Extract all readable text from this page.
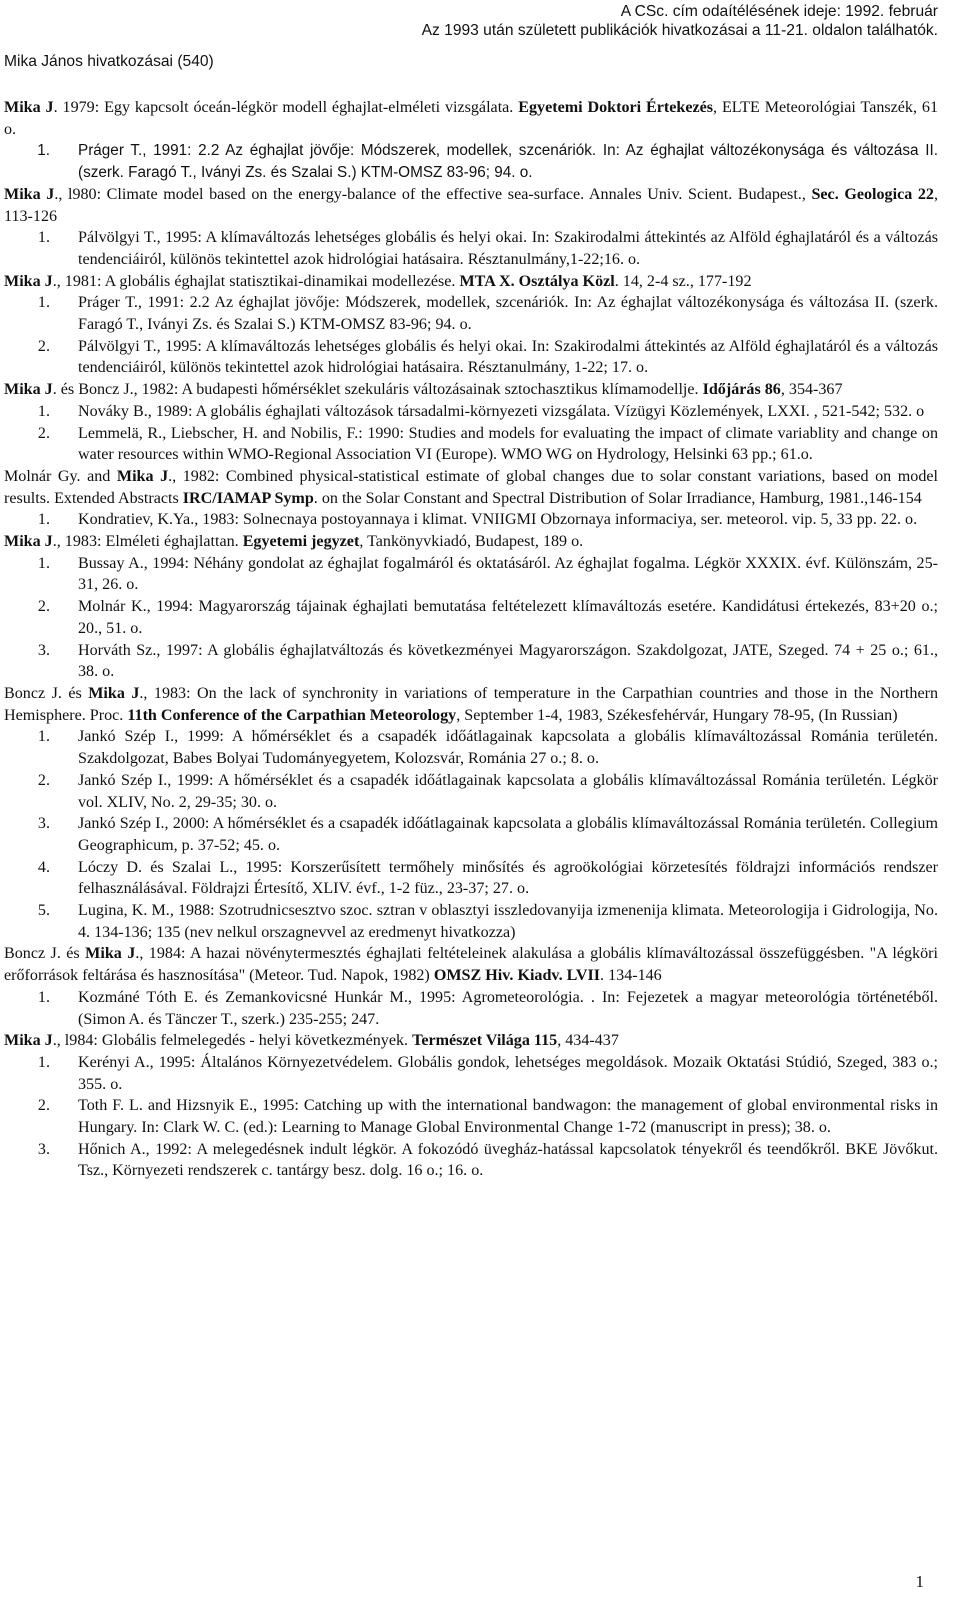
A CSc. cím odaítélésének ideje: 1992. február
Az 1993 után született publikációk hivatkozásai a 11-21. oldalon találhatók.
Mika János hivatkozásai (540)
Mika J. 1979: Egy kapcsolt óceán-légkör modell éghajlat-elméleti vizsgálata. Egyetemi Doktori Értekezés, ELTE Meteorológiai Tanszék, 61 o.
1.	Práger T., 1991: 2.2 Az éghajlat jövője: Módszerek, modellek, szcenáriók. In: Az éghajlat változékonysága és változása II. (szerk. Faragó T., Iványi Zs. és Szalai S.) KTM-OMSZ 83-96; 94. o.
Mika J., l980: Climate model based on the energy-balance of the effective sea-surface. Annales Univ. Scient. Budapest., Sec. Geologica 22, 113-126
1.	Pálvölgyi T., 1995: A klímaváltozás lehetséges globális és helyi okai. In: Szakirodalmi áttekintés az Alföld éghajlatáról és a változás tendenciáiról, különös tekintettel azok hidrológiai hatásaira. Résztanulmány,1-22;16. o.
Mika J., 1981: A globális éghajlat statisztikai-dinamikai modellezése. MTA X. Osztálya Közl. 14, 2-4 sz., 177-192
1.	Práger T., 1991: 2.2 Az éghajlat jövője: Módszerek, modellek, szcenáriók. In: Az éghajlat változékonysága és változása II. (szerk. Faragó T., Iványi Zs. és Szalai S.) KTM-OMSZ 83-96; 94. o.
2.	Pálvölgyi T., 1995: A klímaváltozás lehetséges globális és helyi okai. In: Szakirodalmi áttekintés az Alföld éghajlatáról és a változás tendenciáiról, különös tekintettel azok hidrológiai hatásaira. Résztanulmány, 1-22; 17. o.
Mika J. és Boncz J., 1982: A budapesti hőmérséklet szekuláris változásainak sztochasztikus klímamodellje. Időjárás 86, 354-367
1.	Nováky B., 1989: A globális éghajlati változások társadalmi-környezeti vizsgálata. Vízügyi Közlemények, LXXI. , 521-542; 532. o
2.	Lemmelä, R., Liebscher, H. and Nobilis, F.: 1990: Studies and models for evaluating the impact of climate variablity and change on water resources within WMO-Regional Association VI (Europe). WMO WG on Hydrology, Helsinki 63 pp.; 61.o.
Molnár Gy. and Mika J., 1982: Combined physical-statistical estimate of global changes due to solar constant variations, based on model results. Extended Abstracts IRC/IAMAP Symp. on the Solar Constant and Spectral Distribution of Solar Irradiance, Hamburg, 1981.,146-154
1.	Kondratiev, K.Ya., 1983: Solnecnaya postoyannaya i klimat. VNIIGMI Obzornaya informaciya, ser. meteorol. vip. 5, 33 pp. 22. o.
Mika J., 1983: Elméleti éghajlattan. Egyetemi jegyzet, Tankönyvkiadó, Budapest, 189 o.
1.	Bussay A., 1994: Néhány gondolat az éghajlat fogalmáról és oktatásáról. Az éghajlat fogalma. Légkör XXXIX. évf. Különszám, 25-31, 26. o.
2.	Molnár K., 1994: Magyarország tájainak éghajlati bemutatása feltételezett klímaváltozás esetére. Kandidátusi értekezés, 83+20 o.; 20., 51. o.
3.	Horváth Sz., 1997: A globális éghajlatváltozás és következményei Magyarországon. Szakdolgozat, JATE, Szeged. 74 + 25 o.; 61., 38. o.
Boncz J. és Mika J., 1983: On the lack of synchronity in variations of temperature in the Carpathian countries and those in the Northern Hemisphere. Proc. 11th Conference of the Carpathian Meteorology, September 1-4, 1983, Székesfehérvár, Hungary 78-95, (In Russian)
1.	Jankó Szép I., 1999: A hőmérséklet és a csapadék időátlagainak kapcsolata a globális klímaváltozással Románia területén. Szakdolgozat, Babes Bolyai Tudományegyetem, Kolozsvár, Románia 27 o.; 8. o.
2.	Jankó Szép I., 1999: A hőmérséklet és a csapadék időátlagainak kapcsolata a globális klímaváltozással Románia területén. Légkör vol. XLIV, No. 2, 29-35; 30. o.
3.	Jankó Szép I., 2000: A hőmérséklet és a csapadék időátlagainak kapcsolata a globális klímaváltozással Románia területén. Collegium Geographicum, p. 37-52; 45. o.
4.	Lóczy D. és Szalai L., 1995: Korszerűsített termőhely minősítés és agroökológiai körzetesítés földrajzi információs rendszer felhasználásával. Földrajzi Értesítő, XLIV. évf., 1-2 füz., 23-37; 27. o.
5.	Lugina, K. M., 1988: Szotrudnicsesztvo szoc. sztran v oblasztyi isszledovanyija izmenenija klimata. Meteorologija i Gidrologija, No. 4. 134-136; 135 (nev nelkul orszagnevvel az eredmenyt hivatkozza)
Boncz J. és Mika J., 1984: A hazai növénytermesztés éghajlati feltételeinek alakulása a globális klímaváltozással összefüggésben. "A légköri erőforrások feltárása és hasznosítása" (Meteor. Tud. Napok, 1982) OMSZ Hiv. Kiadv. LVII. 134-146
1.	Kozmáné Tóth E. és Zemankovicsné Hunkár M., 1995: Agrometeorológia. . In: Fejezetek a magyar meteorológia történetéből. (Simon A. és Tänczer T., szerk.) 235-255; 247.
Mika J., l984: Globális felmelegedés - helyi következmények. Természet Világa 115, 434-437
1.	Kerényi A., 1995: Általános Környezetvédelem. Globális gondok, lehetséges megoldások. Mozaik Oktatási Stúdió, Szeged, 383 o.; 355. o.
2.	Toth F. L. and Hizsnyik E., 1995: Catching up with the international bandwagon: the management of global environmental risks in Hungary. In: Clark W. C. (ed.): Learning to Manage Global Environmental Change 1-72 (manuscript in press); 38. o.
3.	Hőnich A., 1992: A melegedésnek indult légkör. A fokozódó üvegház-hatással kapcsolatok tényekről és teendőkről. BKE Jövőkut. Tsz., Környezeti rendszerek c. tantárgy besz. dolg. 16 o.; 16. o.
1
